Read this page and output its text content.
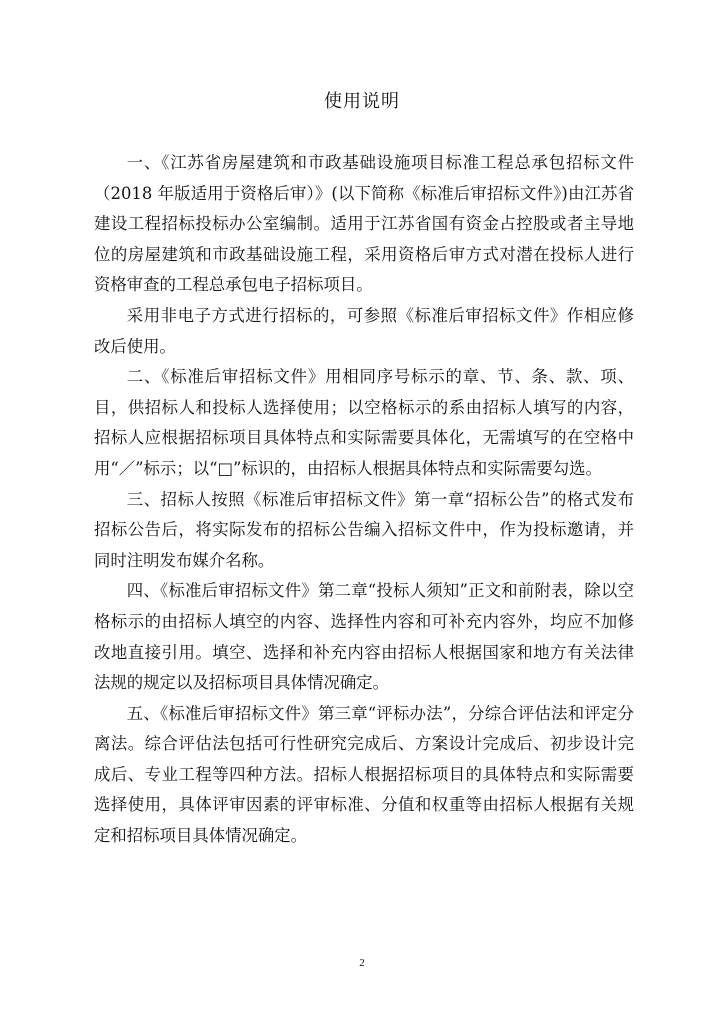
使用说明

一、《江苏省房屋建筑和市政基础设施项目标准工程总承包招标文件（2018 年版适用于资格后审）》(以下简称《标准后审招标文件》)由江苏省建设工程招标投标办公室编制。适用于江苏省国有资金占控股或者主导地位的房屋建筑和市政基础设施工程，采用资格后审方式对潜在投标人进行资格审查的工程总承包电子招标项目。

采用非电子方式进行招标的，可参照《标准后审招标文件》作相应修改后使用。

二、《标准后审招标文件》用相同序号标示的章、节、条、款、项、目，供招标人和投标人选择使用；以空格标示的系由招标人填写的内容，招标人应根据招标项目具体特点和实际需要具体化，无需填写的在空格中用“／”标示；以“□”标识的，由招标人根据具体特点和实际需要勾选。

三、招标人按照《标准后审招标文件》第一章“招标公告”的格式发布招标公告后，将实际发布的招标公告编入招标文件中，作为投标邀请，并同时注明发布媒介名称。

四、《标准后审招标文件》第二章“投标人须知”正文和前附表，除以空格标示的由招标人填空的内容、选择性内容和可补充内容外，均应不加修改地直接引用。填空、选择和补充内容由招标人根据国家和地方有关法律法规的规定以及招标项目具体情况确定。

五、《标准后审招标文件》第三章“评标办法”，分综合评估法和评定分离法。综合评估法包括可行性研究完成后、方案设计完成后、初步设计完成后、专业工程等四种方法。招标人根据招标项目的具体特点和实际需要选择使用，具体评审因素的评审标准、分值和权重等由招标人根据有关规定和招标项目具体情况确定。

2
